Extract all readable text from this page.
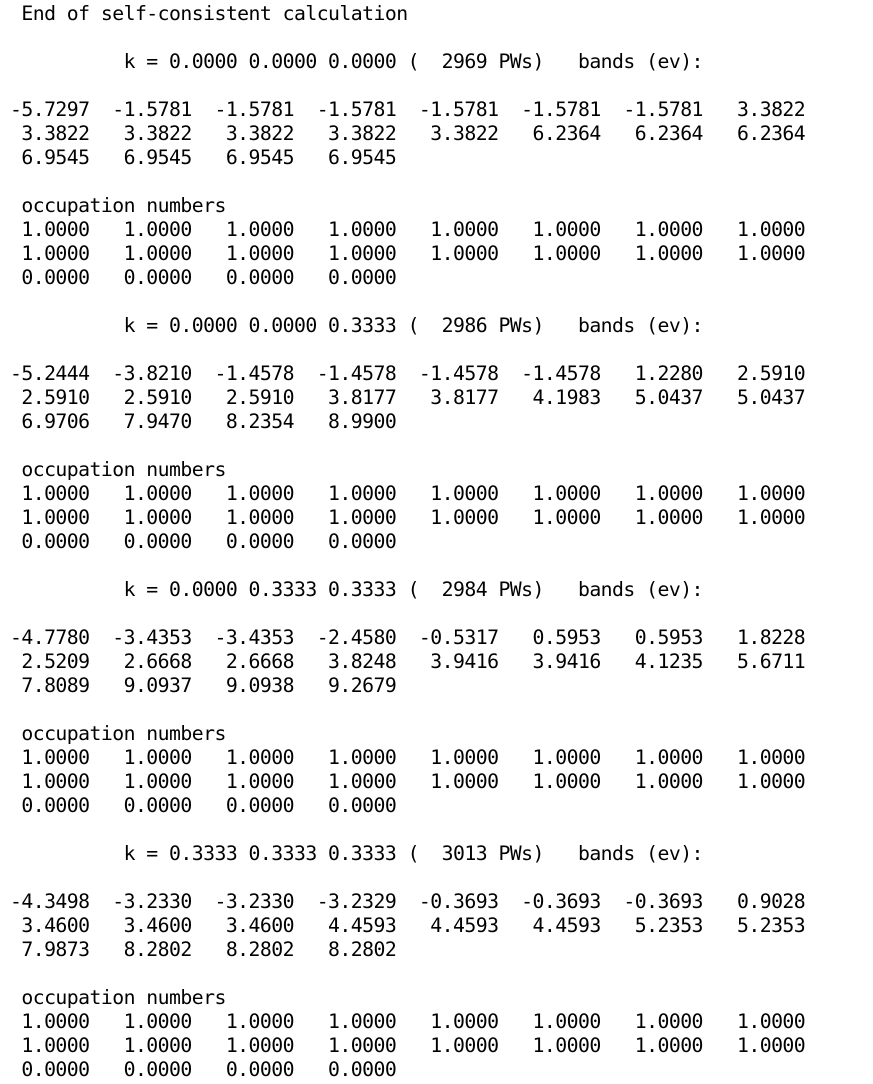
End of self-consistent calculation

k = 0.0000 0.0000 0.0000 (  2969 PWs)   bands (ev):

-5.7297  -1.5781  -1.5781  -1.5781  -1.5781  -1.5781  -1.5781   3.3822
3.3822   3.3822   3.3822   3.3822   3.3822   6.2364   6.2364   6.2364
6.9545   6.9545   6.9545   6.9545

occupation numbers
1.0000   1.0000   1.0000   1.0000   1.0000   1.0000   1.0000   1.0000
1.0000   1.0000   1.0000   1.0000   1.0000   1.0000   1.0000   1.0000
0.0000   0.0000   0.0000   0.0000

k = 0.0000 0.0000 0.3333 (  2986 PWs)   bands (ev):

-5.2444  -3.8210  -1.4578  -1.4578  -1.4578  -1.4578   1.2280   2.5910
2.5910   2.5910   2.5910   3.8177   3.8177   4.1983   5.0437   5.0437
6.9706   7.9470   8.2354   8.9900

occupation numbers
1.0000   1.0000   1.0000   1.0000   1.0000   1.0000   1.0000   1.0000
1.0000   1.0000   1.0000   1.0000   1.0000   1.0000   1.0000   1.0000
0.0000   0.0000   0.0000   0.0000

k = 0.0000 0.3333 0.3333 (  2984 PWs)   bands (ev):

-4.7780  -3.4353  -3.4353  -2.4580  -0.5317   0.5953   0.5953   1.8228
2.5209   2.6668   2.6668   3.8248   3.9416   3.9416   4.1235   5.6711
7.8089   9.0937   9.0938   9.2679

occupation numbers
1.0000   1.0000   1.0000   1.0000   1.0000   1.0000   1.0000   1.0000
1.0000   1.0000   1.0000   1.0000   1.0000   1.0000   1.0000   1.0000
0.0000   0.0000   0.0000   0.0000

k = 0.3333 0.3333 0.3333 (  3013 PWs)   bands (ev):

-4.3498  -3.2330  -3.2330  -3.2329  -0.3693  -0.3693  -0.3693   0.9028
3.4600   3.4600   3.4600   4.4593   4.4593   4.4593   5.2353   5.2353
7.9873   8.2802   8.2802   8.2802

occupation numbers
1.0000   1.0000   1.0000   1.0000   1.0000   1.0000   1.0000   1.0000
1.0000   1.0000   1.0000   1.0000   1.0000   1.0000   1.0000   1.0000
0.0000   0.0000   0.0000   0.0000
